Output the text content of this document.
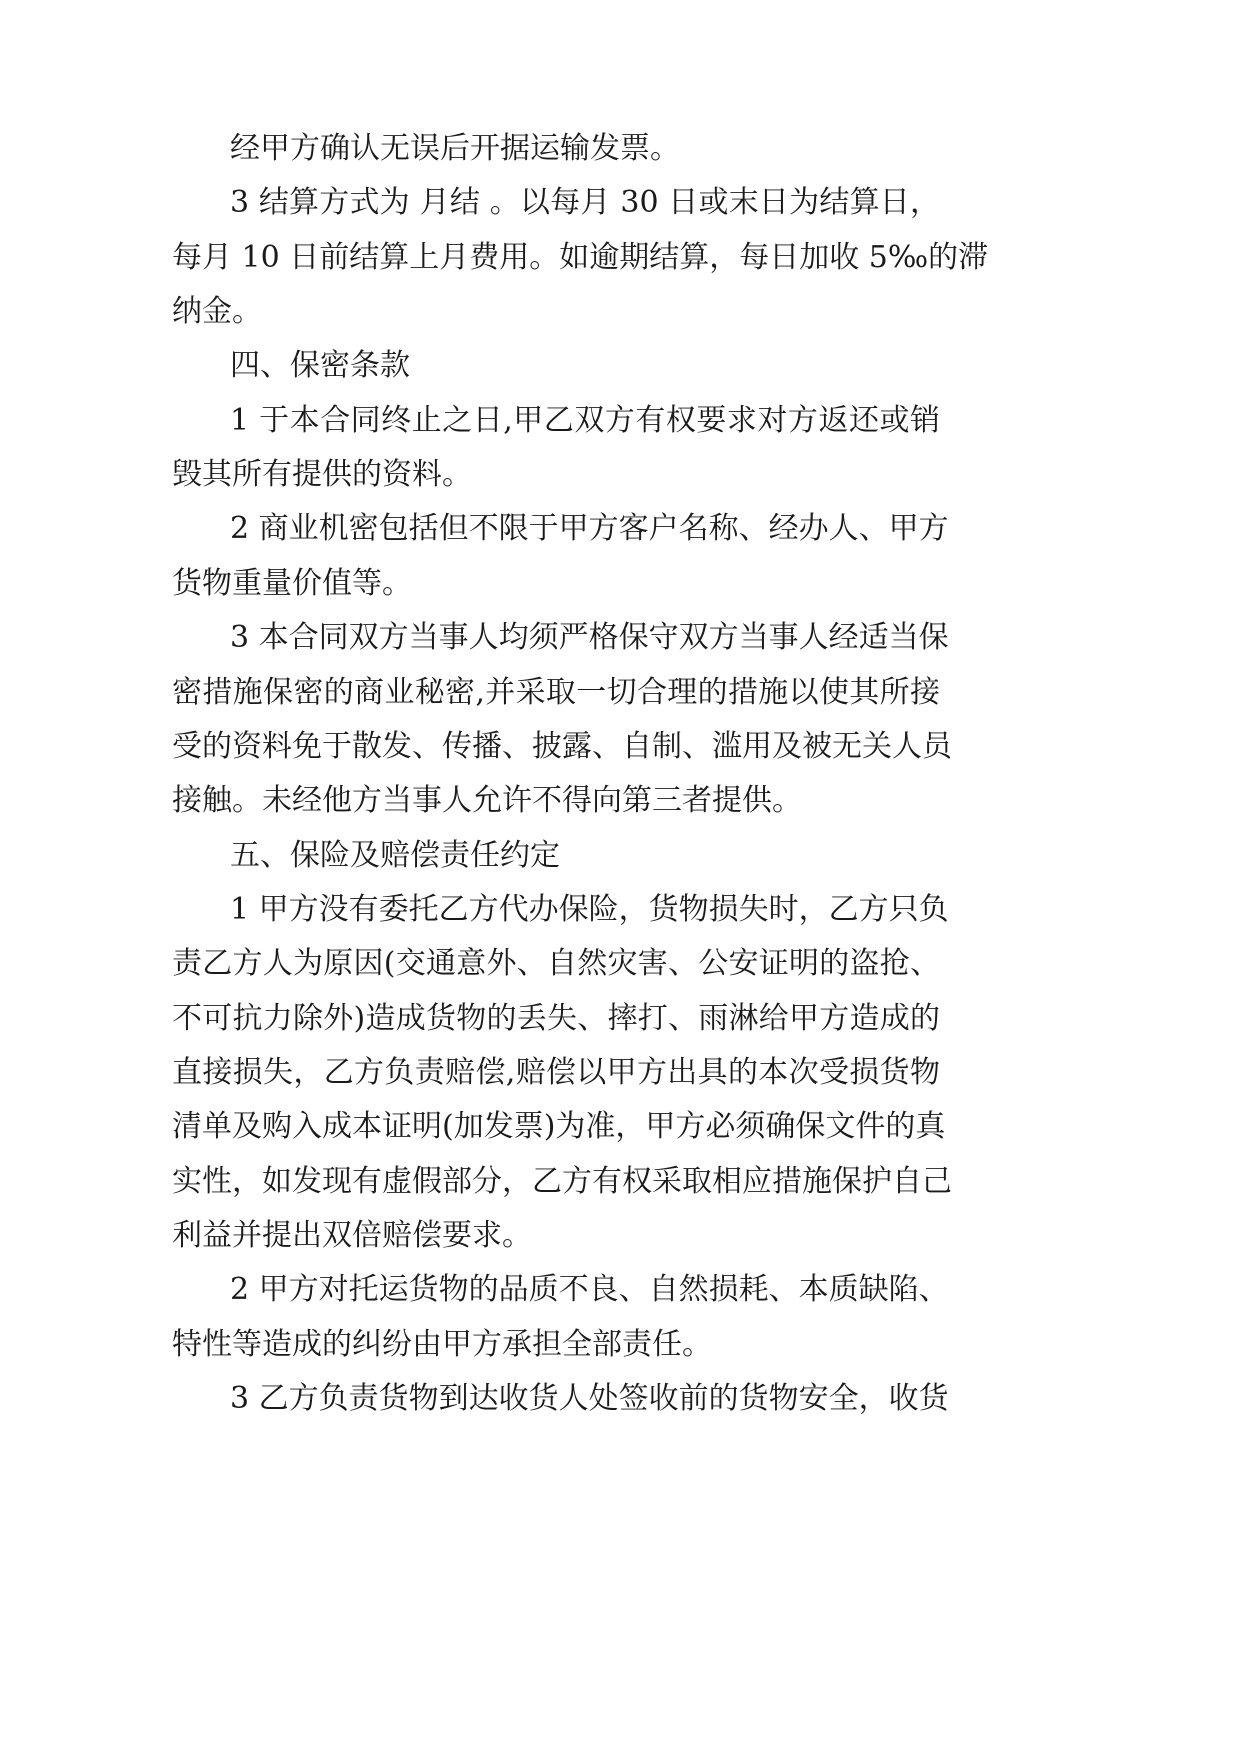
经甲方确认无误后开据运输发票。
3 结算方式为 月结 。以每月 30 日或末日为结算日，
每月 10 日前结算上月费用。如逾期结算，每日加收 5‰的滞
纳金。
四、保密条款
1 于本合同终止之日,甲乙双方有权要求对方返还或销
毁其所有提供的资料。
2 商业机密包括但不限于甲方客户名称、经办人、甲方
货物重量价值等。
3 本合同双方当事人均须严格保守双方当事人经适当保
密措施保密的商业秘密,并采取一切合理的措施以使其所接
受的资料免于散发、传播、披露、自制、滥用及被无关人员
接触。未经他方当事人允许不得向第三者提供。
五、保险及赔偿责任约定
1 甲方没有委托乙方代办保险，货物损失时，乙方只负
责乙方人为原因(交通意外、自然灾害、公安证明的盗抢、
不可抗力除外)造成货物的丢失、摔打、雨淋给甲方造成的
直接损失，乙方负责赔偿,赔偿以甲方出具的本次受损货物
清单及购入成本证明(加发票)为准，甲方必须确保文件的真
实性，如发现有虚假部分，乙方有权采取相应措施保护自己
利益并提出双倍赔偿要求。
2 甲方对托运货物的品质不良、自然损耗、本质缺陷、
特性等造成的纠纷由甲方承担全部责任。
3 乙方负责货物到达收货人处签收前的货物安全，收货
